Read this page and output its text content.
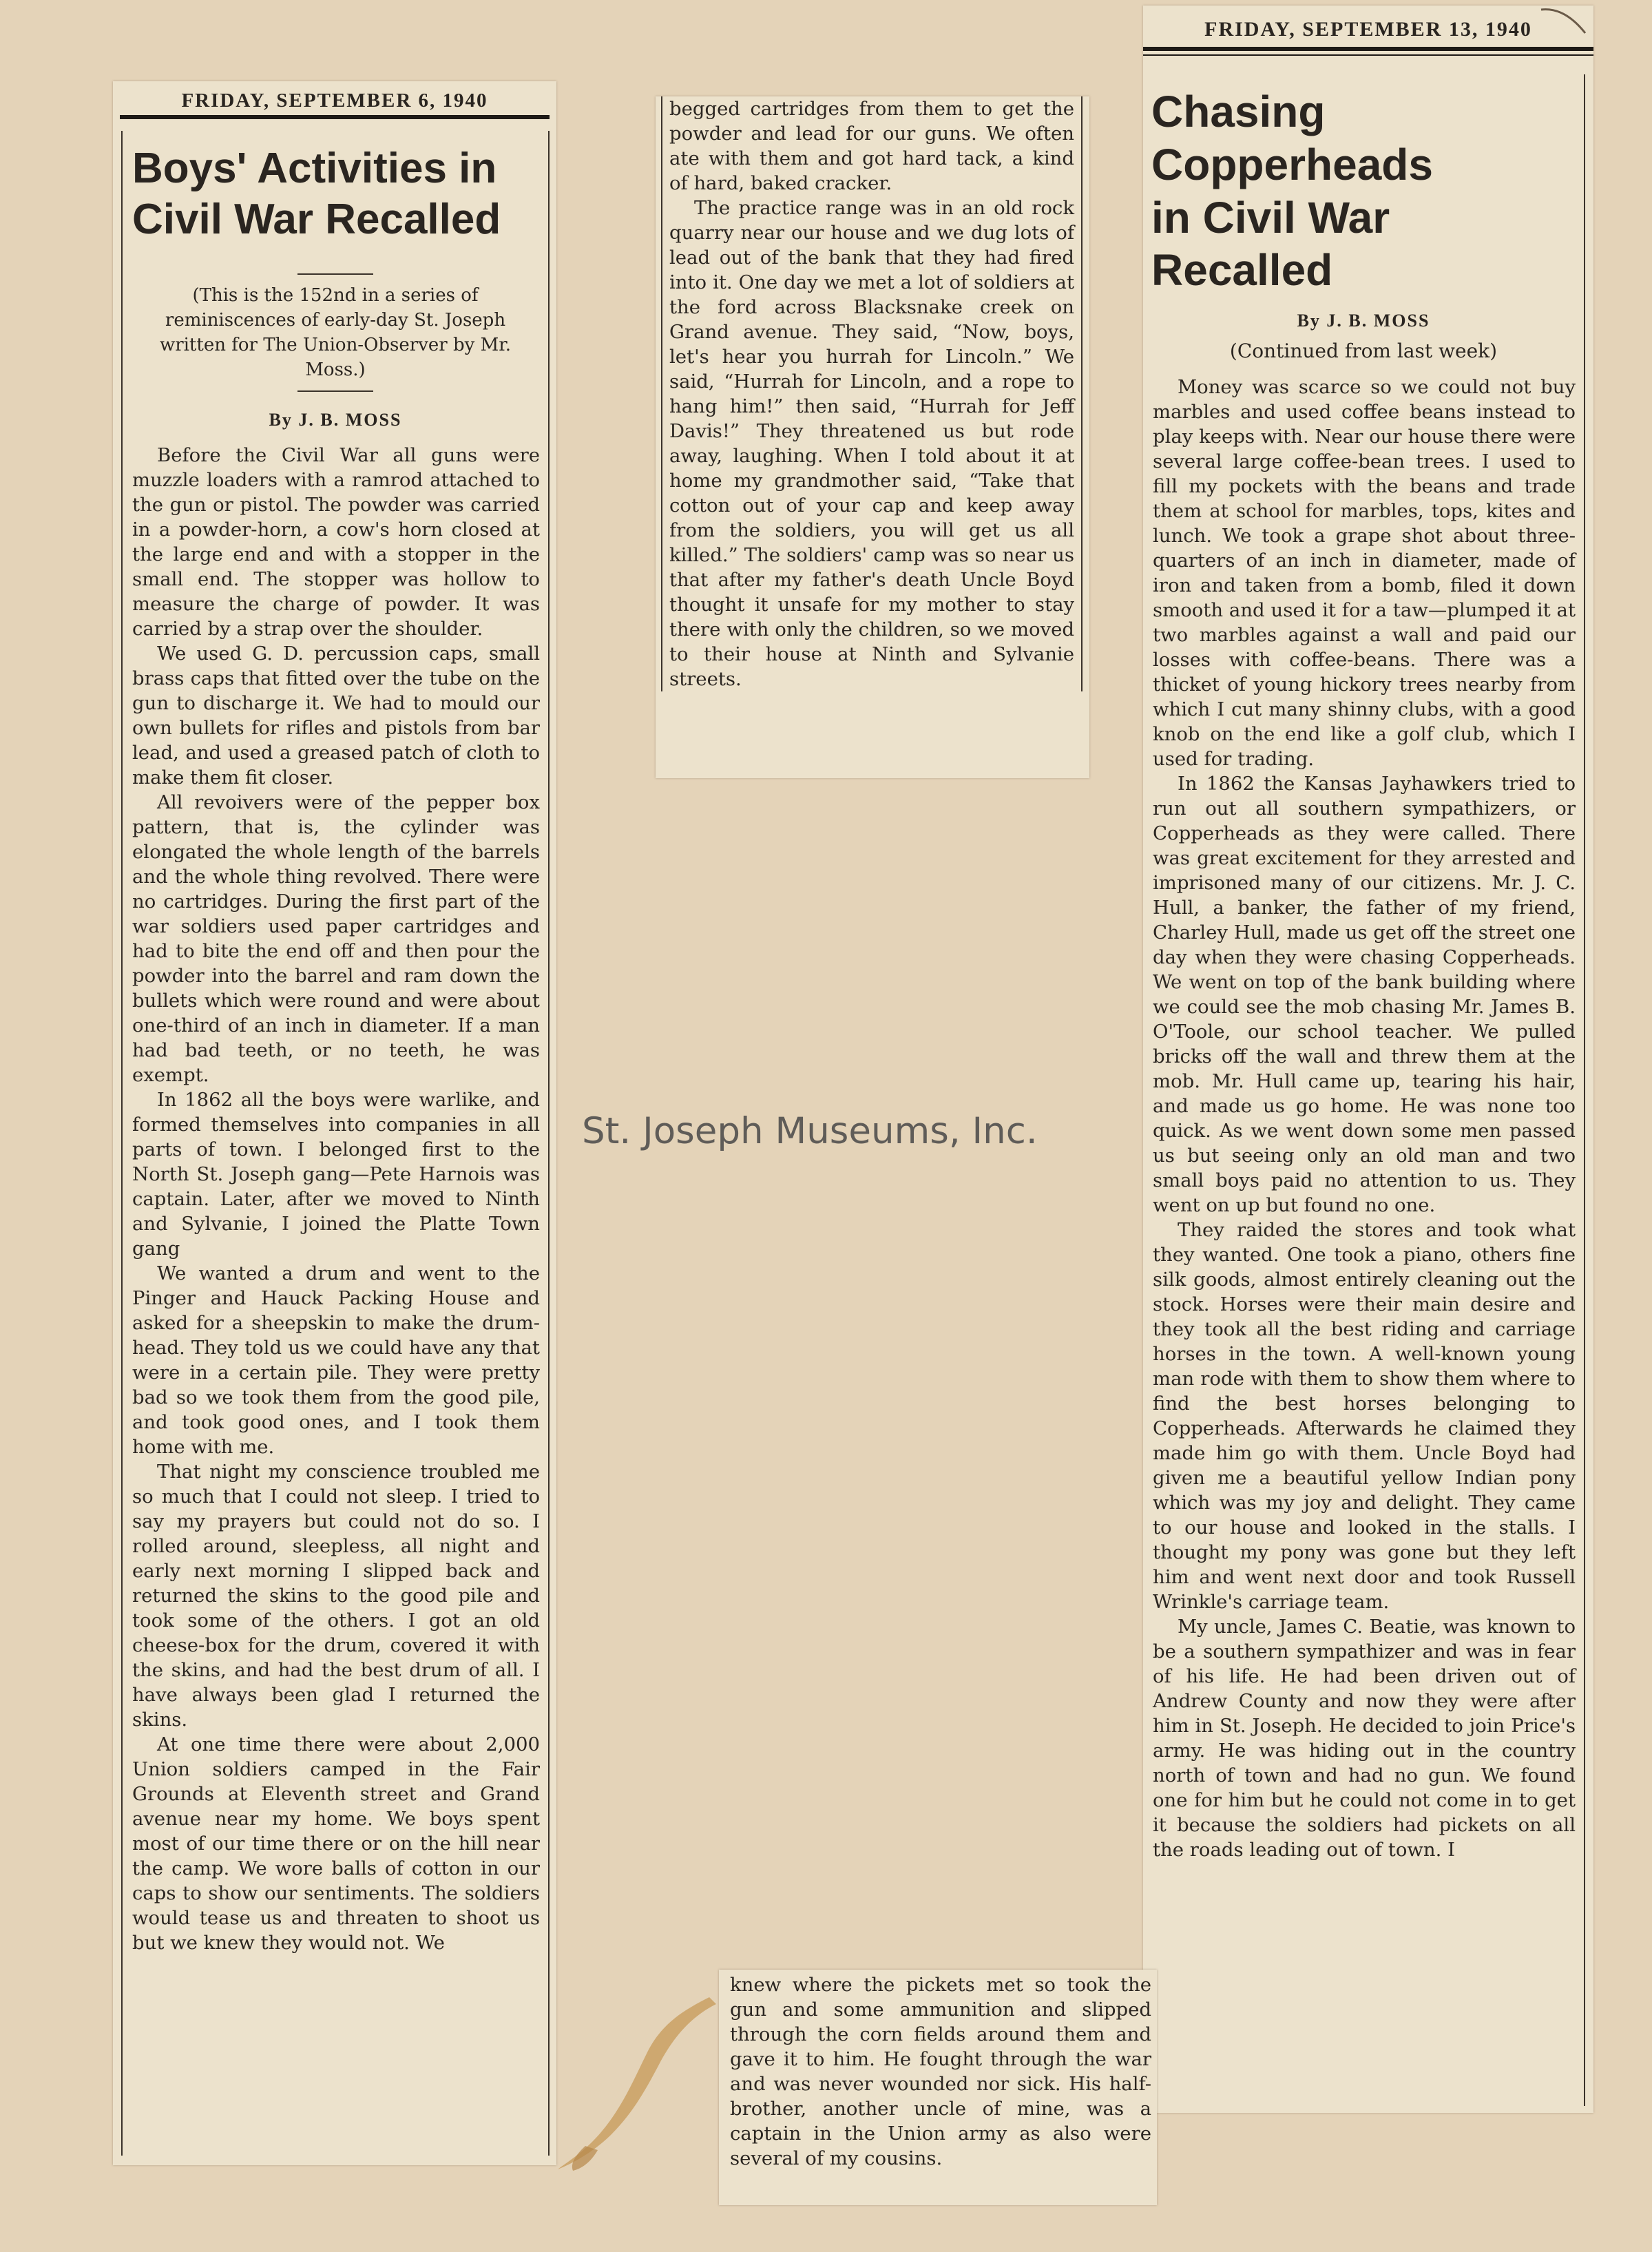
FRIDAY, SEPTEMBER 6, 1940
Boys' Activities in
Civil War Recalled
(This is the 152nd in a series of reminiscences of early-day St. Joseph written for The Union-Observer by Mr. Moss.)
By J. B. MOSS

Before the Civil War all guns were muzzle loaders with a ramrod attached to the gun or pistol. The powder was carried in a powder-horn, a cow's horn closed at the large end and with a stopper in the small end. The stopper was hollow to measure the charge of powder. It was carried by a strap over the shoulder.

We used G. D. percussion caps, small brass caps that fitted over the tube on the gun to discharge it. We had to mould our own bullets for rifles and pistols from bar lead, and used a greased patch of cloth to make them fit closer.

All revoivers were of the pepper box pattern, that is, the cylinder was elongated the whole length of the barrels and the whole thing revolved. There were no cartridges. During the first part of the war soldiers used paper cartridges and had to bite the end off and then pour the powder into the barrel and ram down the bullets which were round and were about one-third of an inch in diameter. If a man had bad teeth, or no teeth, he was exempt.

In 1862 all the boys were warlike, and formed themselves into companies in all parts of town. I belonged first to the North St. Joseph gang—Pete Harnois was captain. Later, after we moved to Ninth and Sylvanie, I joined the Platte Town gang

We wanted a drum and went to the Pinger and Hauck Packing House and asked for a sheepskin to make the drum-head. They told us we could have any that were in a certain pile. They were pretty bad so we took them from the good pile, and took good ones, and I took them home with me.

That night my conscience troubled me so much that I could not sleep. I tried to say my prayers but could not do so. I rolled around, sleepless, all night and early next morning I slipped back and returned the skins to the good pile and took some of the others. I got an old cheese-box for the drum, covered it with the skins, and had the best drum of all. I have always been glad I returned the skins.

At one time there were about 2,000 Union soldiers camped in the Fair Grounds at Eleventh street and Grand avenue near my home. We boys spent most of our time there or on the hill near the camp. We wore balls of cotton in our caps to show our sentiments. The soldiers would tease us and threaten to shoot us but we knew they would not. We

begged cartridges from them to get the powder and lead for our guns. We often ate with them and got hard tack, a kind of hard, baked cracker.

The practice range was in an old rock quarry near our house and we dug lots of lead out of the bank that they had fired into it. One day we met a lot of soldiers at the ford across Blacksnake creek on Grand avenue. They said, “Now, boys, let's hear you hurrah for Lincoln.” We said, “Hurrah for Lincoln, and a rope to hang him!” then said, “Hurrah for Jeff Davis!” They threatened us but rode away, laughing. When I told about it at home my grandmother said, “Take that cotton out of your cap and keep away from the soldiers, you will get us all killed.” The soldiers' camp was so near us that after my father's death Uncle Boyd thought it unsafe for my mother to stay there with only the children, so we moved to their house at Ninth and Sylvanie streets.

FRIDAY, SEPTEMBER 13, 1940
Chasing Copperheads
in Civil War Recalled
By J. B. MOSS
(Continued from last week)

Money was scarce so we could not buy marbles and used coffee beans instead to play keeps with. Near our house there were several large coffee-bean trees. I used to fill my pockets with the beans and trade them at school for marbles, tops, kites and lunch. We took a grape shot about three-quarters of an inch in diameter, made of iron and taken from a bomb, filed it down smooth and used it for a taw—plumped it at two marbles against a wall and paid our losses with coffee-beans. There was a thicket of young hickory trees nearby from which I cut many shinny clubs, with a good knob on the end like a golf club, which I used for trading.

In 1862 the Kansas Jayhawkers tried to run out all southern sympathizers, or Copperheads as they were called. There was great excitement for they arrested and imprisoned many of our citizens. Mr. J. C. Hull, a banker, the father of my friend, Charley Hull, made us get off the street one day when they were chasing Copperheads. We went on top of the bank building where we could see the mob chasing Mr. James B. O'Toole, our school teacher. We pulled bricks off the wall and threw them at the mob. Mr. Hull came up, tearing his hair, and made us go home. He was none too quick. As we went down some men passed us but seeing only an old man and two small boys paid no attention to us. They went on up but found no one.

They raided the stores and took what they wanted. One took a piano, others fine silk goods, almost entirely cleaning out the stock. Horses were their main desire and they took all the best riding and carriage horses in the town. A well-known young man rode with them to show them where to find the best horses belonging to Copperheads. Afterwards he claimed they made him go with them. Uncle Boyd had given me a beautiful yellow Indian pony which was my joy and delight. They came to our house and looked in the stalls. I thought my pony was gone but they left him and went next door and took Russell Wrinkle's carriage team.

My uncle, James C. Beatie, was known to be a southern sympathizer and was in fear of his life. He had been driven out of Andrew County and now they were after him in St. Joseph. He decided to join Price's army. He was hiding out in the country north of town and had no gun. We found one for him but he could not come in to get it because the soldiers had pickets on all the roads leading out of town. I

knew where the pickets met so took the gun and some ammunition and slipped through the corn fields around them and gave it to him. He fought through the war and was never wounded nor sick. His half-brother, another uncle of mine, was a captain in the Union army as also were several of my cousins.

St. Joseph Museums, Inc.
